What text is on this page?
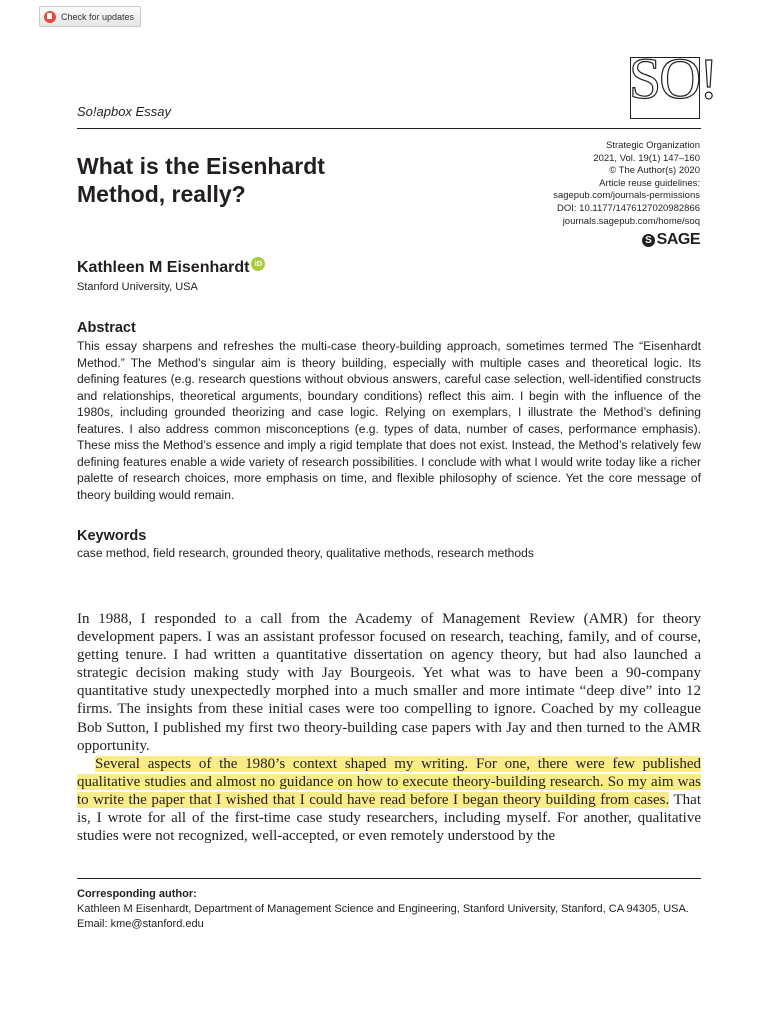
Check for updates
SO!
So!apbox Essay
Strategic Organization
2021, Vol. 19(1) 147–160
© The Author(s) 2020
Article reuse guidelines:
sagepub.com/journals-permissions
DOI: 10.1177/1476127020982866
journals.sagepub.com/home/soq
S SAGE
What is the Eisenhardt Method, really?
Kathleen M Eisenhardt iD
Stanford University, USA
Abstract

This essay sharpens and refreshes the multi-case theory-building approach, sometimes termed The “Eisenhardt Method.” The Method’s singular aim is theory building, especially with multiple cases and theoretical logic. Its defining features (e.g. research questions without obvious answers, careful case selection, well-identified constructs and relationships, theoretical arguments, boundary conditions) reflect this aim. I begin with the influence of the 1980s, including grounded theorizing and case logic. Relying on exemplars, I illustrate the Method’s defining features. I also address common misconceptions (e.g. types of data, number of cases, performance emphasis). These miss the Method’s essence and imply a rigid template that does not exist. Instead, the Method’s relatively few defining features enable a wide variety of research possibilities. I conclude with what I would write today like a richer palette of research choices, more emphasis on time, and flexible philosophy of science. Yet the core message of theory building would remain.

Keywords

case method, field research, grounded theory, qualitative methods, research methods

In 1988, I responded to a call from the Academy of Management Review (AMR) for theory development papers. I was an assistant professor focused on research, teaching, family, and of course, getting tenure. I had written a quantitative dissertation on agency theory, but had also launched a strategic decision making study with Jay Bourgeois. Yet what was to have been a 90-company quantitative study unexpectedly morphed into a much smaller and more intimate “deep dive” into 12 firms. The insights from these initial cases were too compelling to ignore. Coached by my colleague Bob Sutton, I published my first two theory-building case papers with Jay and then turned to the AMR opportunity.

Several aspects of the 1980’s context shaped my writing. For one, there were few published qualitative studies and almost no guidance on how to execute theory-building research. So my aim was to write the paper that I wished that I could have read before I began theory building from cases. That is, I wrote for all of the first-time case study researchers, including myself. For another, qualitative studies were not recognized, well-accepted, or even remotely understood by the

Corresponding author:
Kathleen M Eisenhardt, Department of Management Science and Engineering, Stanford University, Stanford, CA 94305, USA.
Email: kme@stanford.edu
